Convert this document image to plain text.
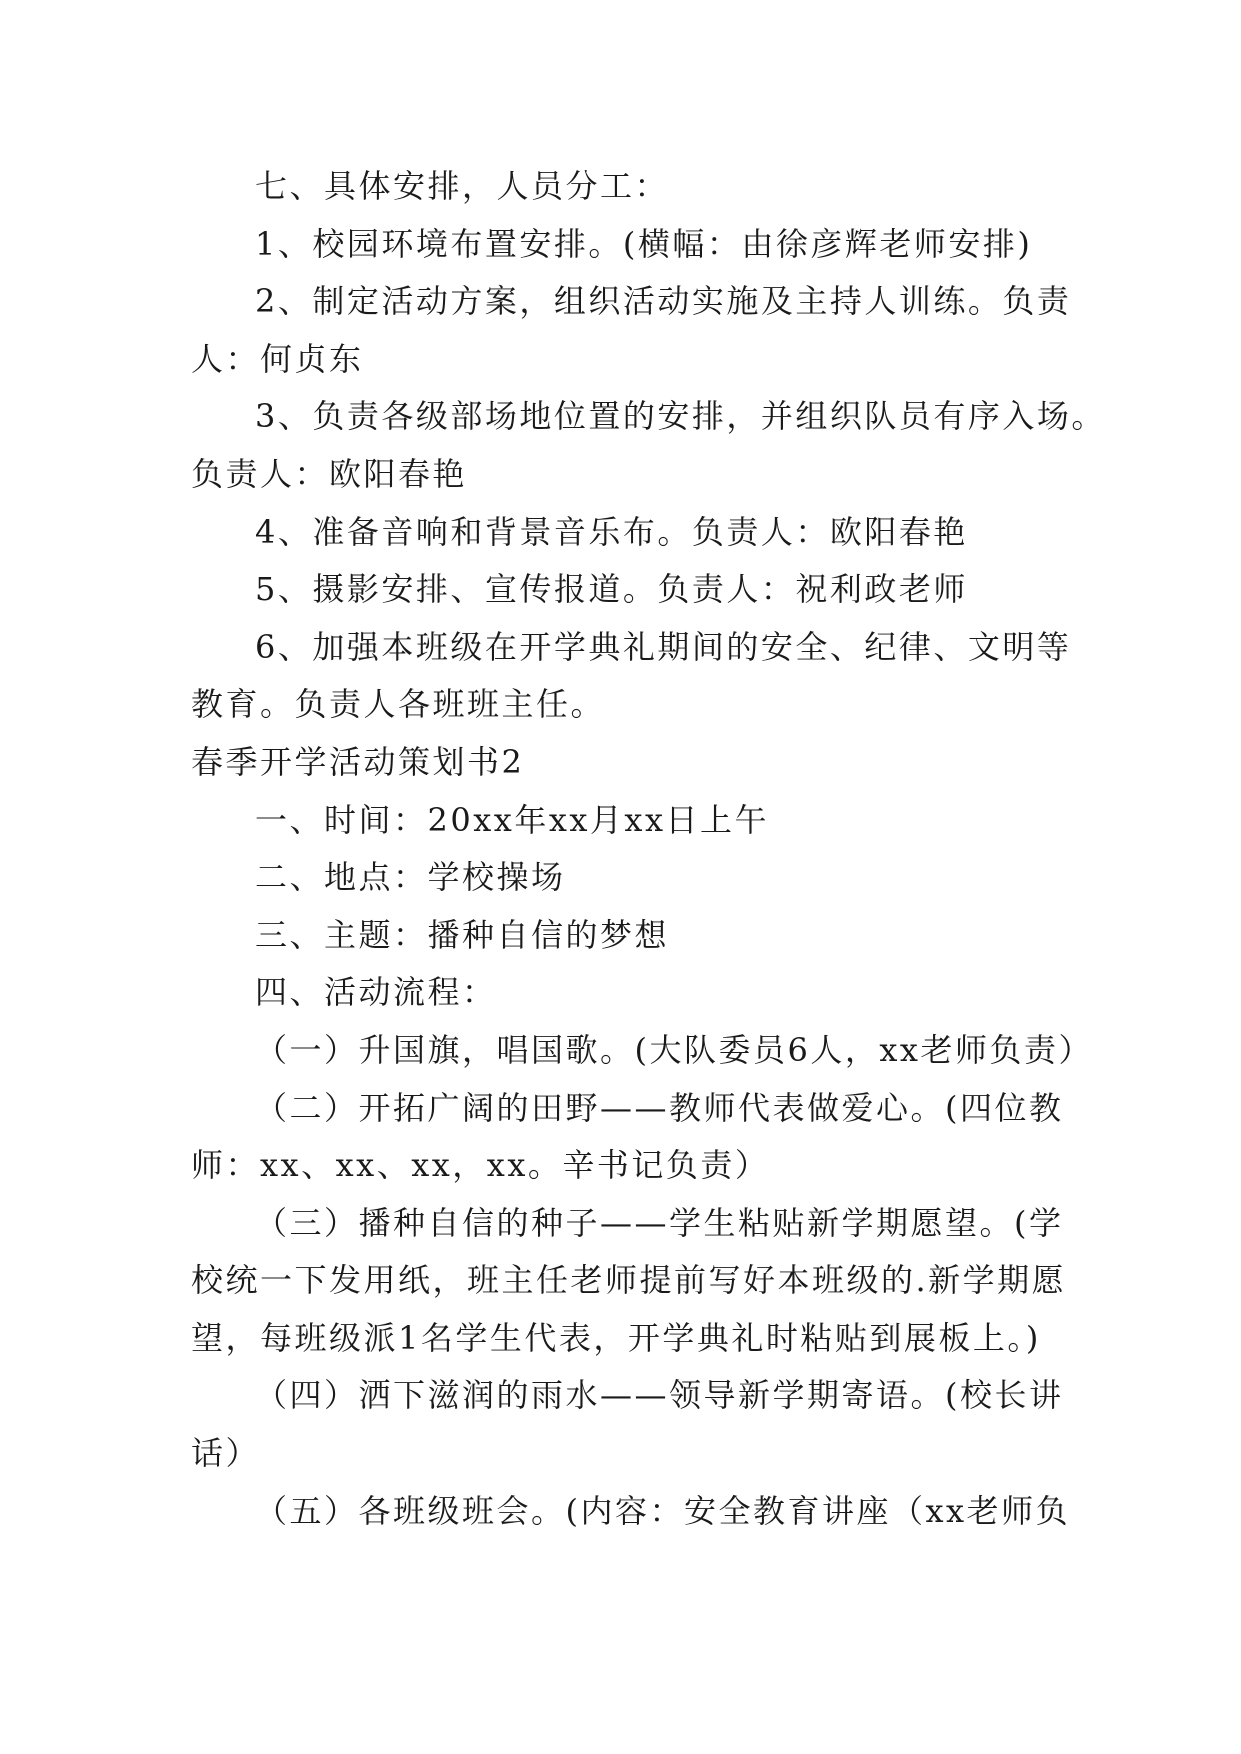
七、具体安排，人员分工：

1、校园环境布置安排。(横幅：由徐彦辉老师安排)

2、制定活动方案，组织活动实施及主持人训练。负责

人：何贞东

3、负责各级部场地位置的安排，并组织队员有序入场。

负责人：欧阳春艳

4、准备音响和背景音乐布。负责人：欧阳春艳

5、摄影安排、宣传报道。负责人：祝利政老师

6、加强本班级在开学典礼期间的安全、纪律、文明等

教育。负责人各班班主任。

春季开学活动策划书2

一、时间：20xx年xx月xx日上午

二、地点：学校操场

三、主题：播种自信的梦想

四、活动流程：

（一）升国旗，唱国歌。(大队委员6人，xx老师负责）

（二）开拓广阔的田野——教师代表做爱心。(四位教

师：xx、xx、xx，xx。辛书记负责）

（三）播种自信的种子——学生粘贴新学期愿望。(学

校统一下发用纸，班主任老师提前写好本班级的.新学期愿

望，每班级派1名学生代表，开学典礼时粘贴到展板上。)

（四）洒下滋润的雨水——领导新学期寄语。(校长讲

话）

（五）各班级班会。(内容：安全教育讲座（xx老师负
